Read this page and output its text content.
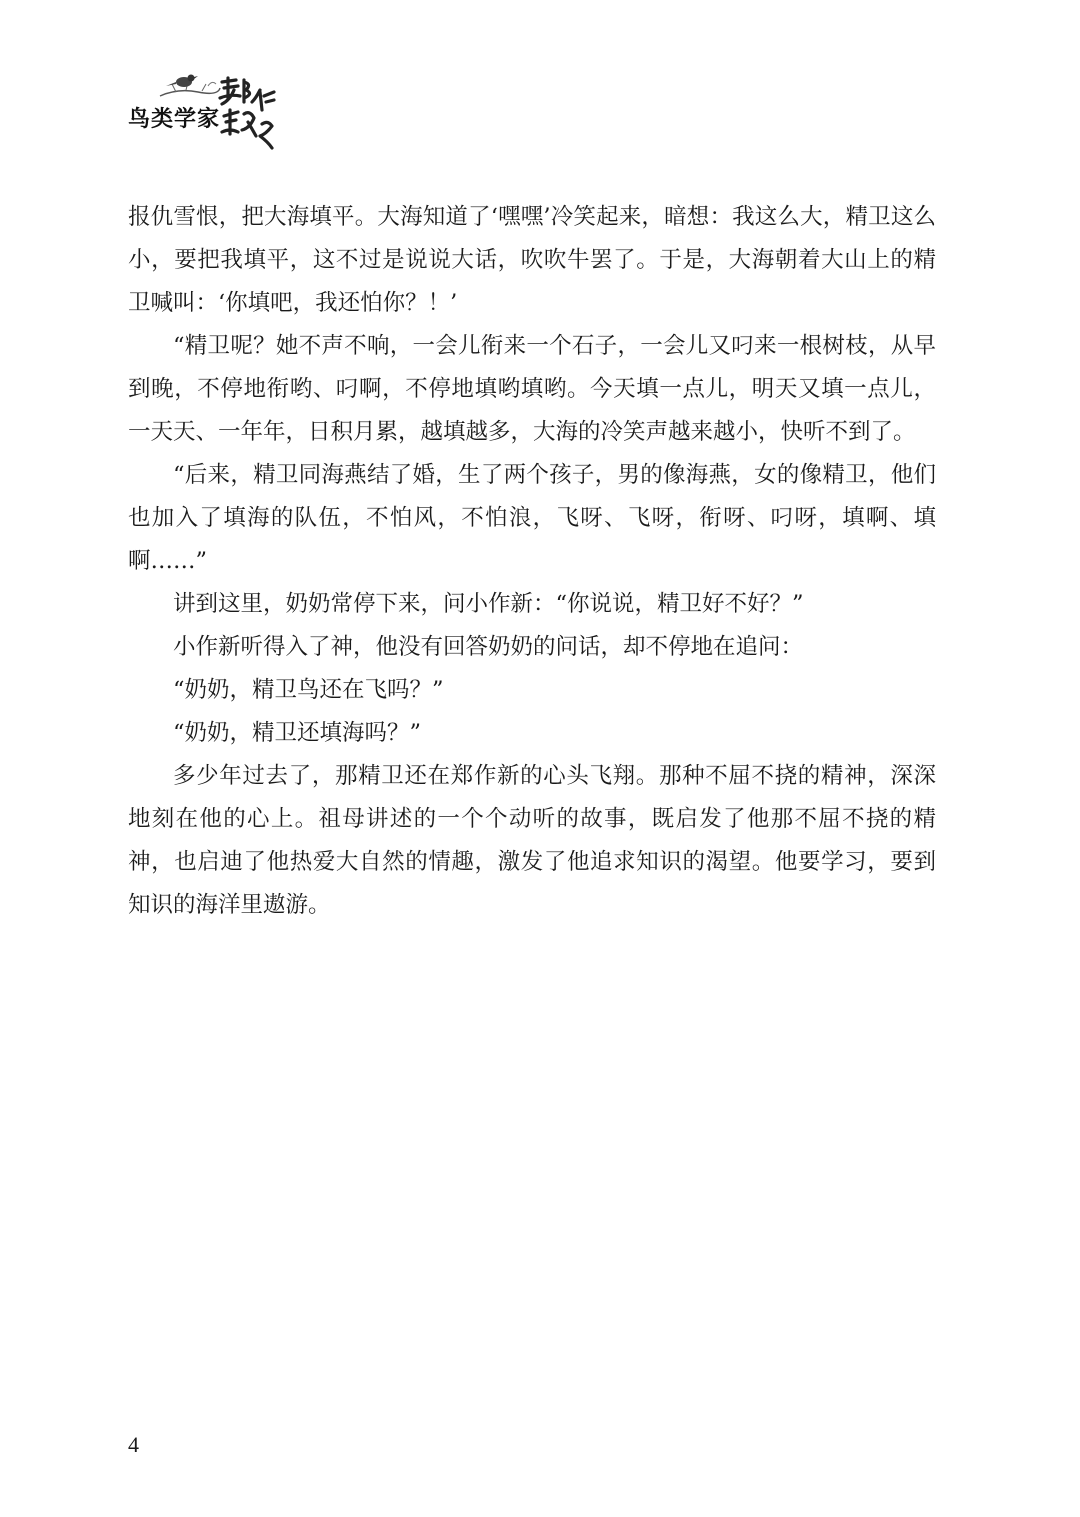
鸟类学家

报仇雪恨，把大海填平。大海知道了‘嘿嘿’冷笑起来，暗想：我这么大，精卫这么小，要把我填平，这不过是说说大话，吹吹牛罢了。于是，大海朝着大山上的精卫喊叫：‘你填吧，我还怕你？！’

“精卫呢？她不声不响，一会儿衔来一个石子，一会儿又叼来一根树枝，从早到晚，不停地衔哟、叼啊，不停地填哟填哟。今天填一点儿，明天又填一点儿，一天天、一年年，日积月累，越填越多，大海的冷笑声越来越小，快听不到了。

“后来，精卫同海燕结了婚，生了两个孩子，男的像海燕，女的像精卫，他们也加入了填海的队伍，不怕风，不怕浪，飞呀、飞呀，衔呀、叼呀，填啊、填啊……”

讲到这里，奶奶常停下来，问小作新：“你说说，精卫好不好？”

小作新听得入了神，他没有回答奶奶的问话，却不停地在追问：

“奶奶，精卫鸟还在飞吗？”

“奶奶，精卫还填海吗？”

多少年过去了，那精卫还在郑作新的心头飞翔。那种不屈不挠的精神，深深地刻在他的心上。祖母讲述的一个个动听的故事，既启发了他那不屈不挠的精神，也启迪了他热爱大自然的情趣，激发了他追求知识的渴望。他要学习，要到知识的海洋里遨游。

4
